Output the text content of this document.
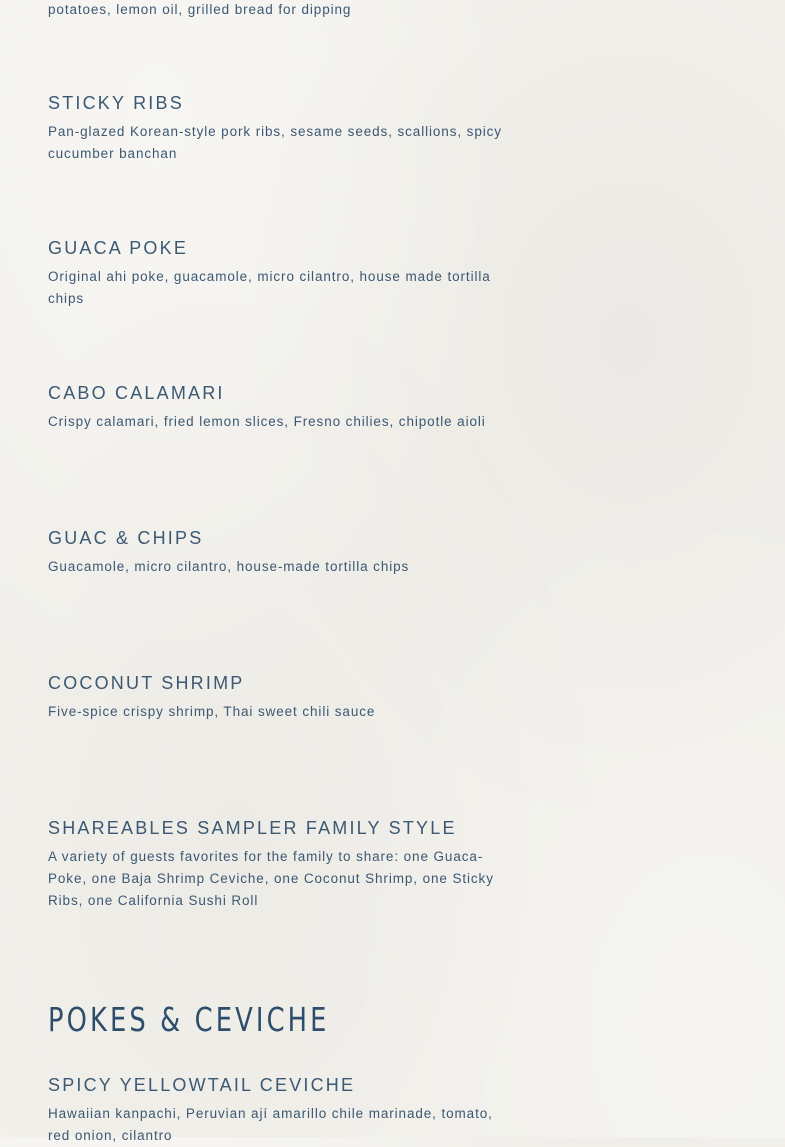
potatoes, lemon oil, grilled bread for dipping

STICKY RIBS

Pan-glazed Korean-style pork ribs, sesame seeds, scallions, spicy cucumber banchan

GUACA POKE

Original ahi poke, guacamole, micro cilantro, house made tortilla chips

CABO CALAMARI

Crispy calamari, fried lemon slices, Fresno chilies, chipotle aioli

GUAC & CHIPS

Guacamole, micro cilantro, house-made tortilla chips

COCONUT SHRIMP

Five-spice crispy shrimp, Thai sweet chili sauce

SHAREABLES SAMPLER FAMILY STYLE

A variety of guests favorites for the family to share: one Guaca-Poke, one Baja Shrimp Ceviche, one Coconut Shrimp, one Sticky Ribs, one California Sushi Roll

POKES & CEVICHE
SPICY YELLOWTAIL CEVICHE

Hawaiian kanpachi, Peruvian ají amarillo chile marinade, tomato, red onion, cilantro
